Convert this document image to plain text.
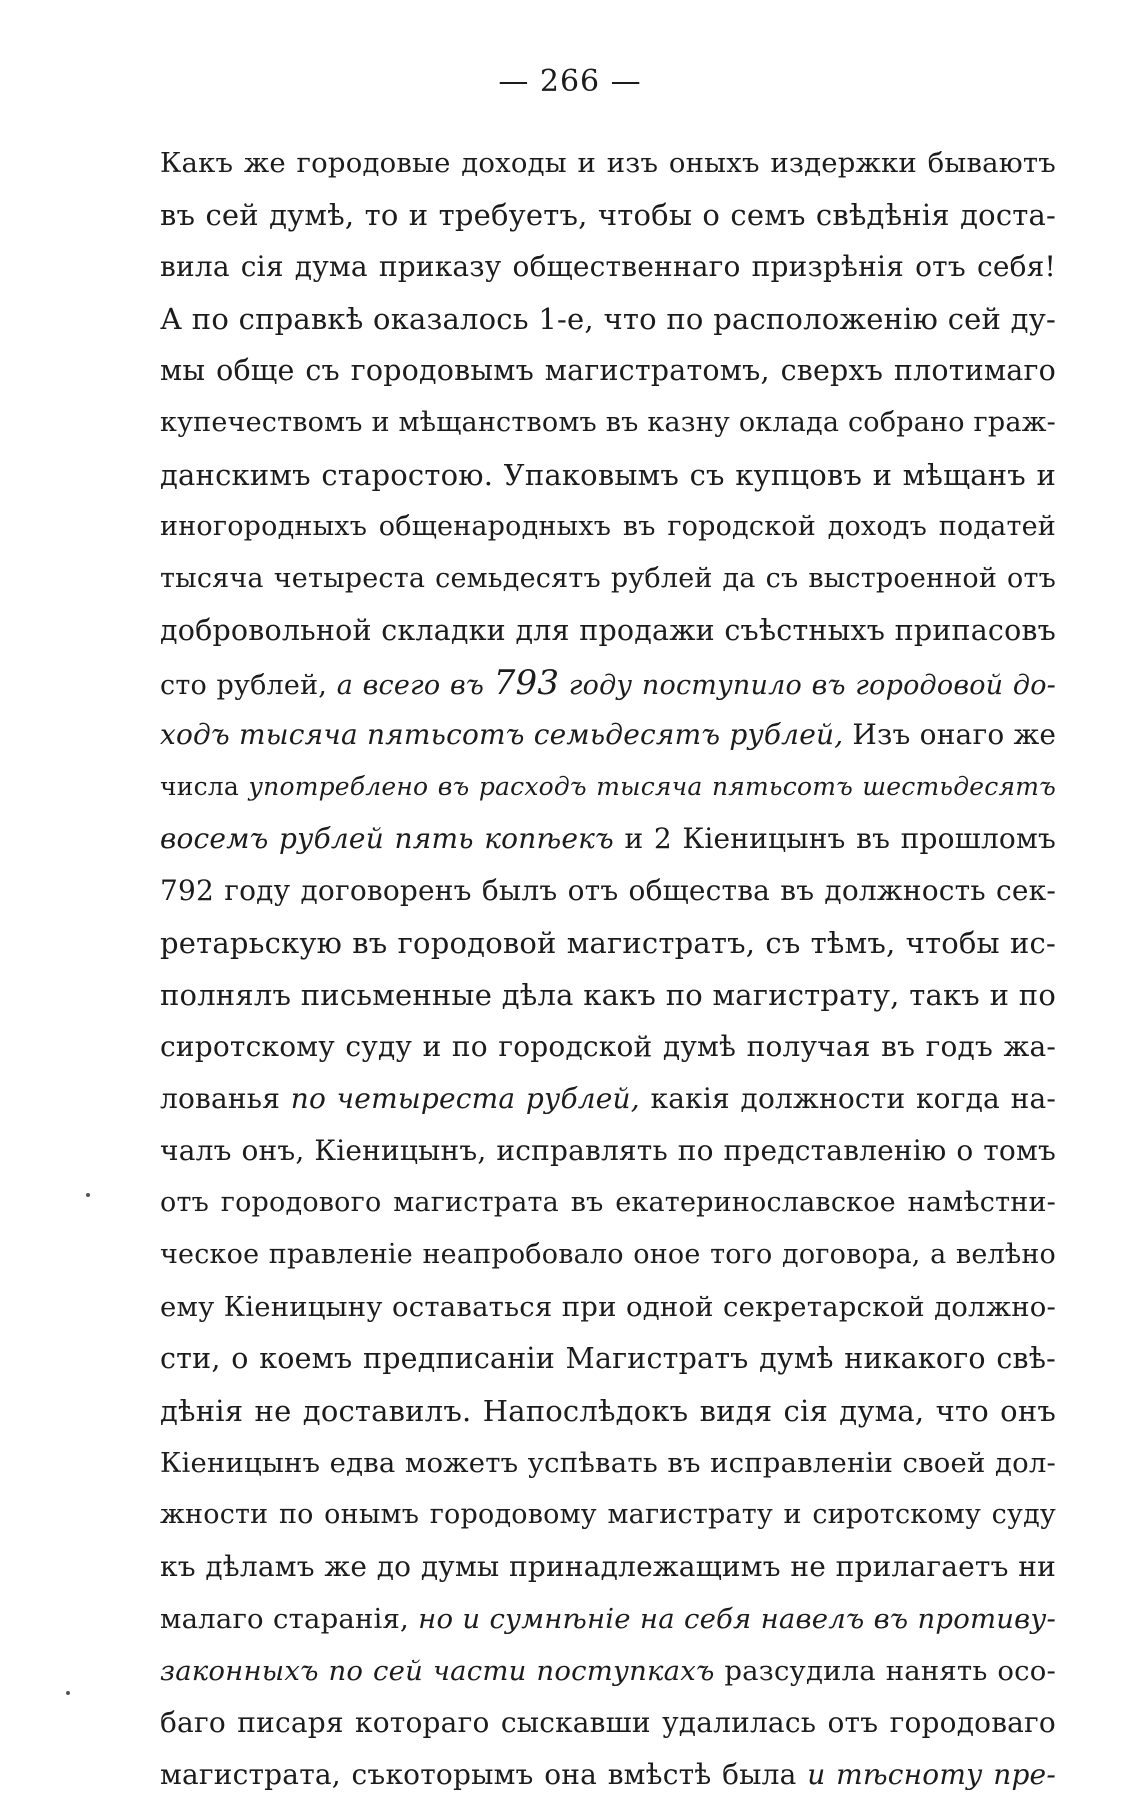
— 266 —
Какъ же городовые доходы и изъ оныхъ издержки бываютъ
въ сей думѣ, то и требуетъ, чтобы о семъ свѣдѣнія доста-
вила сія дума приказу общественнаго призрѣнія отъ себя!
А по справкѣ оказалось 1-е, что по расположенію сей ду-
мы обще съ городовымъ магистратомъ, сверхъ плотимаго
купечествомъ и мѣщанствомъ въ казну оклада собрано граж-
данскимъ старостою. Упаковымъ съ купцовъ и мѣщанъ и
иногородныхъ общенародныхъ въ городской доходъ податей
тысяча четыреста семьдесятъ рублей да съ выстроенной отъ
добровольной складки для продажи съѣстныхъ припасовъ
сто рублей, а всего въ 793 году поступило въ городовой до-
ходъ тысяча пятьсотъ семьдесятъ рублей, Изъ онаго же
числа употреблено въ расходъ тысяча пятьсотъ шестьдесятъ
восемъ рублей пять копѣекъ и 2 Кіеницынъ въ прошломъ
792 году договоренъ былъ отъ общества въ должность сек-
ретарьскую въ городовой магистратъ, съ тѣмъ, чтобы ис-
полнялъ письменные дѣла какъ по магистрату, такъ и по
сиротскому суду и по городской думѣ получая въ годъ жа-
лованья по четыреста рублей, какія должности когда на-
чалъ онъ, Кіеницынъ, исправлять по представленію о томъ
отъ городового магистрата въ екатеринославское намѣстни-
ческое правленіе неапробовало оное того договора, а велѣно
ему Кіеницыну оставаться при одной секретарской должно-
сти, о коемъ предписаніи Магистратъ думѣ никакого свѣ-
дѣнія не доставилъ. Напослѣдокъ видя сія дума, что онъ
Кіеницынъ едва можетъ успѣвать въ исправленіи своей дол-
жности по онымъ городовому магистрату и сиротскому суду
къ дѣламъ же до думы принадлежащимъ не прилагаетъ ни
малаго старанія, но и сумнѣніе на себя навелъ въ противу-
законныхъ по сей части поступкахъ разсудила нанять осо-
баго писаря котораго сыскавши удалилась отъ городоваго
магистрата, съкоторымъ она вмѣстѣ была и тѣсноту пре-
